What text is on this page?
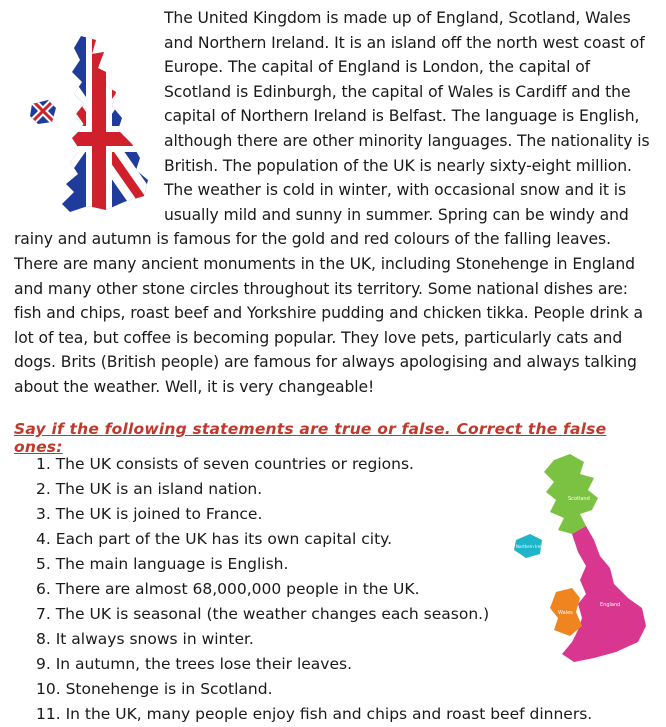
The United Kingdom is made up of England, Scotland, Wales and Northern Ireland. It is an island off the north west coast of Europe. The capital of England is London, the capital of Scotland is Edinburgh, the capital of Wales is Cardiff and the capital of Northern Ireland is Belfast. The language is English, although there are other minority languages. The nationality is British. The population of the UK is nearly sixty-eight million. The weather is cold in winter, with occasional snow and it is usually mild and sunny in summer. Spring can be windy and rainy and autumn is famous for the gold and red colours of the falling leaves. There are many ancient monuments in the UK, including Stonehenge in England and many other stone circles throughout its territory. Some national dishes are: fish and chips, roast beef and Yorkshire pudding and chicken tikka. People drink a lot of tea, but coffee is becoming popular. They love pets, particularly cats and dogs. Brits (British people) are famous for always apologising and always talking about the weather. Well, it is very changeable!
Say if the following statements are true or false. Correct the false ones:
1. The UK consists of seven countries or regions.
2. The UK is an island nation.
3. The UK is joined to France.
4. Each part of the UK has its own capital city.
5. The main language is English.
6. There are almost 68,000,000 people in the UK.
7. The UK is seasonal (the weather changes each season.)
8. It always snows in winter.
9. In autumn, the trees lose their leaves.
10. Stonehenge is in Scotland.
11. In the UK, many people enjoy fish and chips and roast beef dinners.
Scotland
Northern Ireland
Wales
England
